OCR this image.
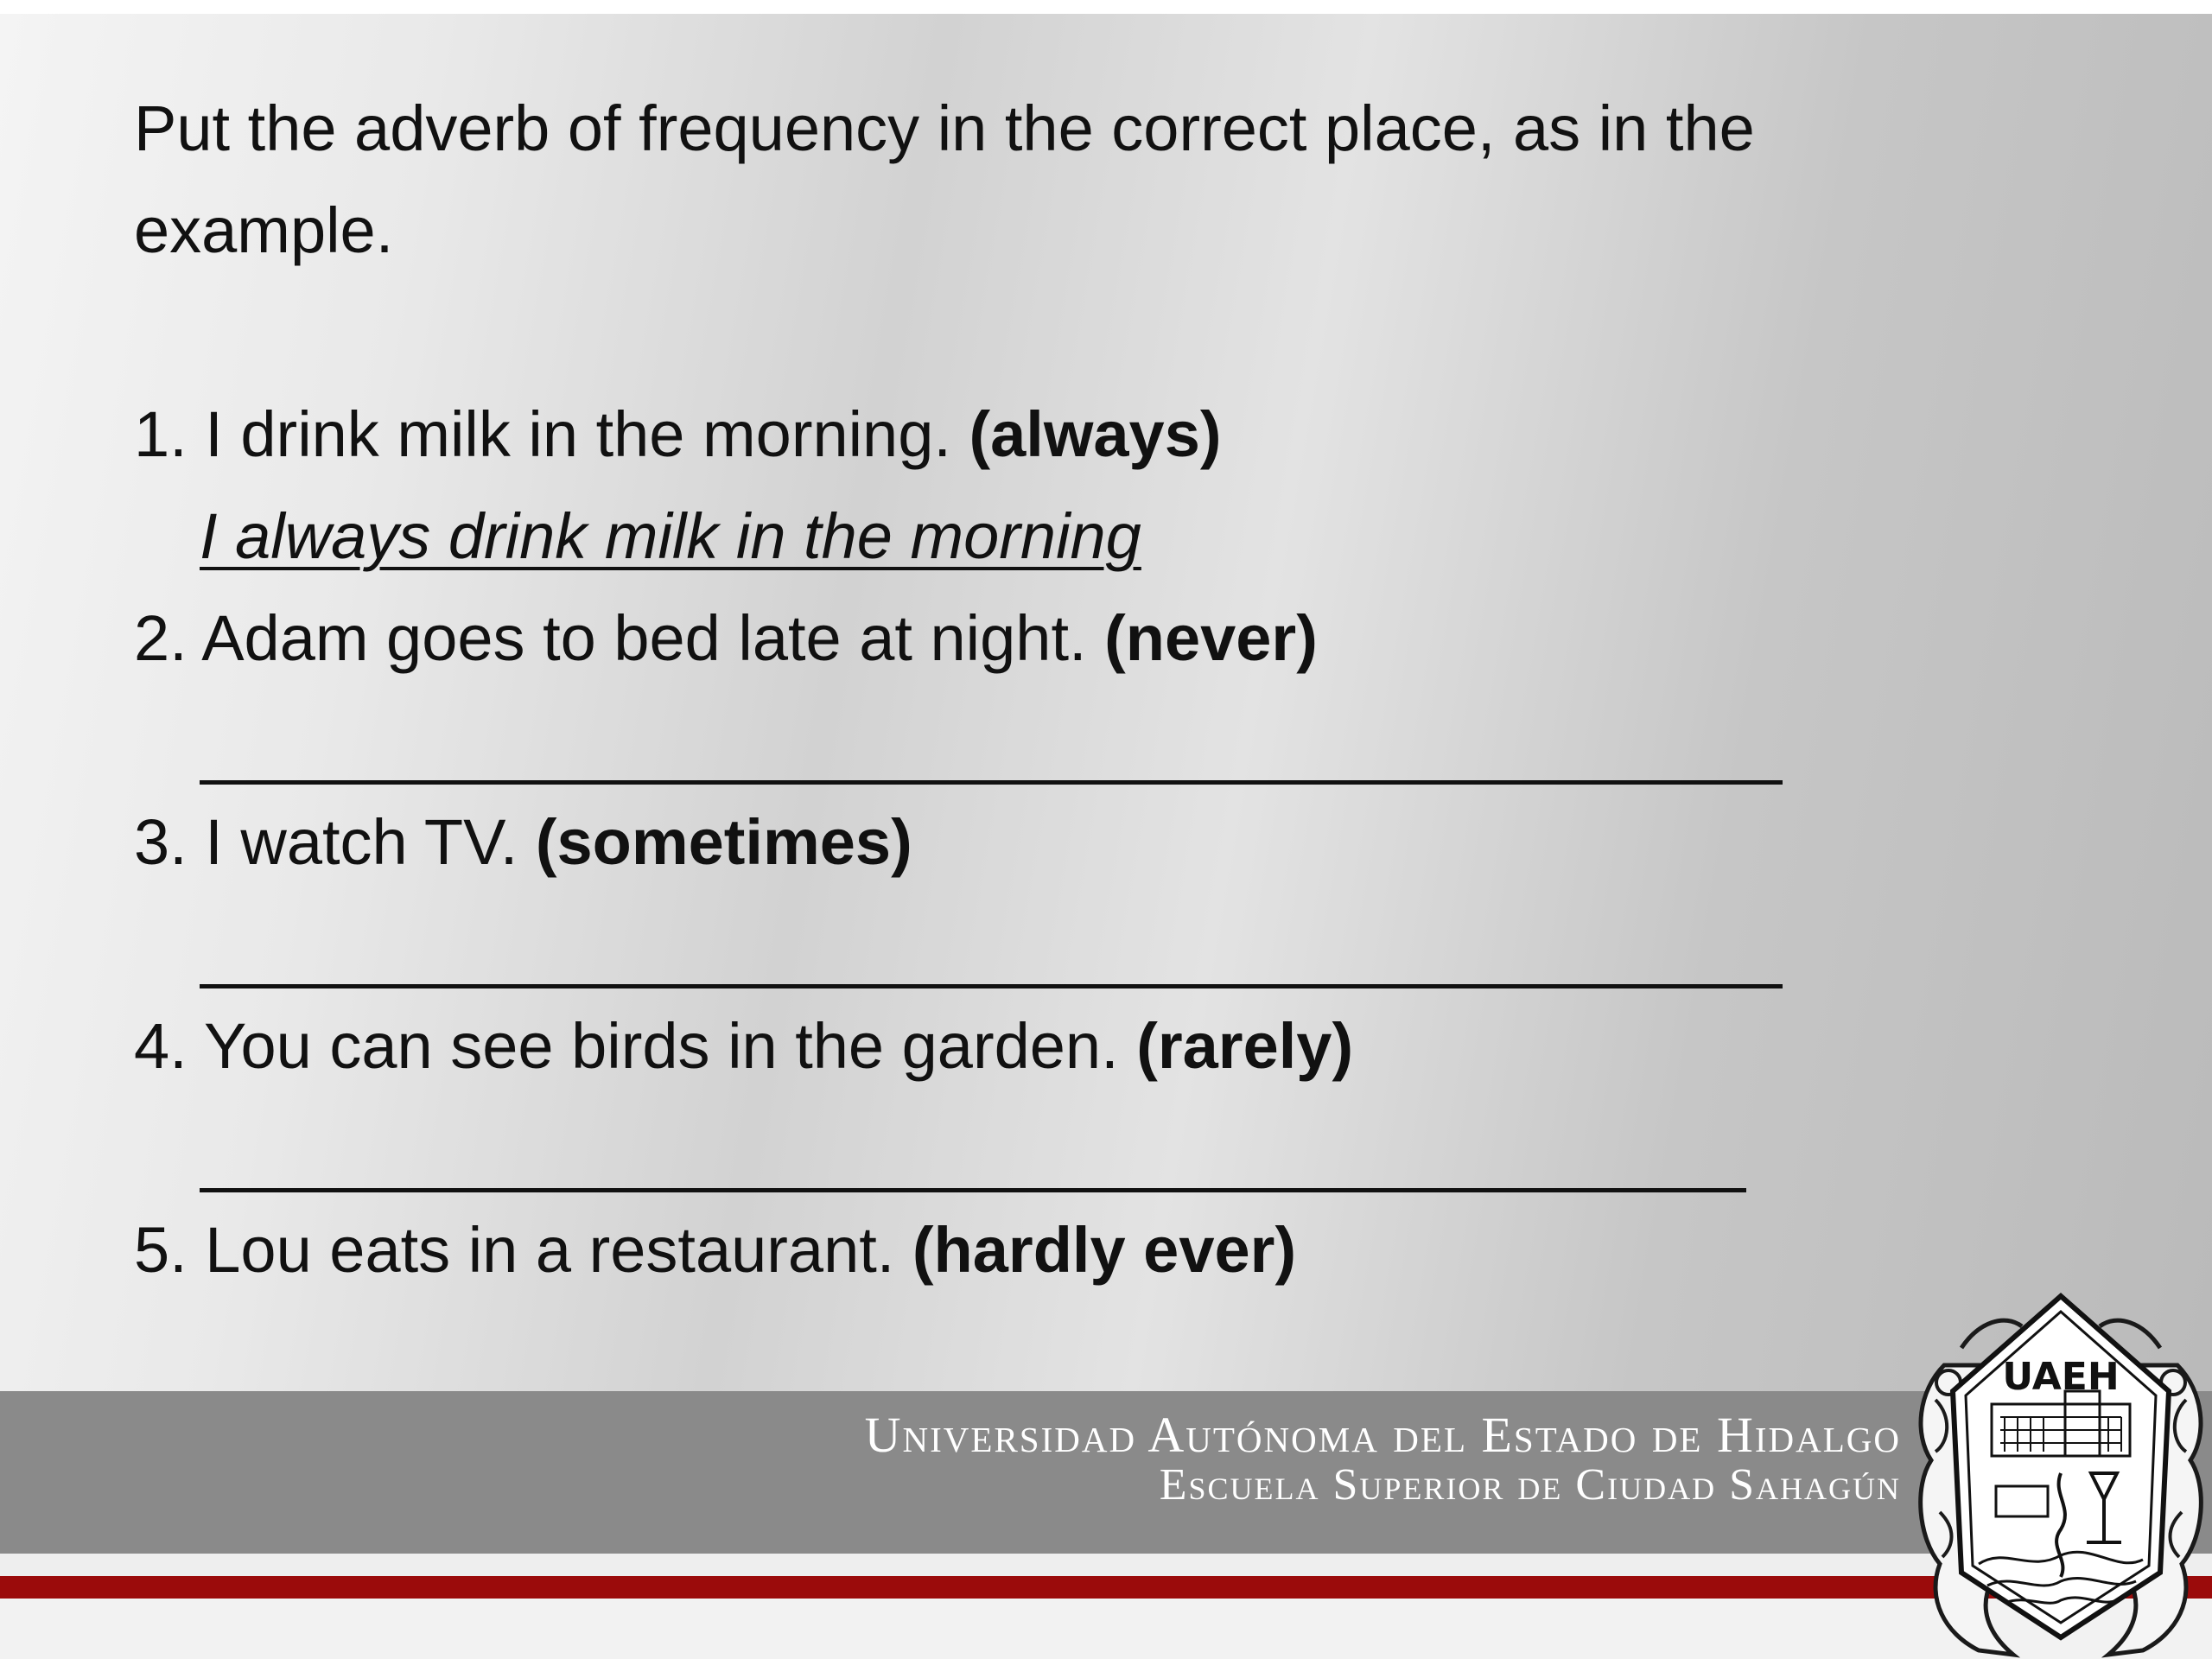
Put the adverb of frequency in the correct place, as in the example.

1. I drink milk in the morning. (always)
I always drink milk in the morning
2. Adam goes to bed late at night. (never)
3. I watch TV. (sometimes)
4. You can see birds in the garden. (rarely)
5. Lou eats in a restaurant. (hardly ever)
Universidad Autónoma del Estado de Hidalgo
Escuela Superior de Ciudad Sahagún
UAEH
